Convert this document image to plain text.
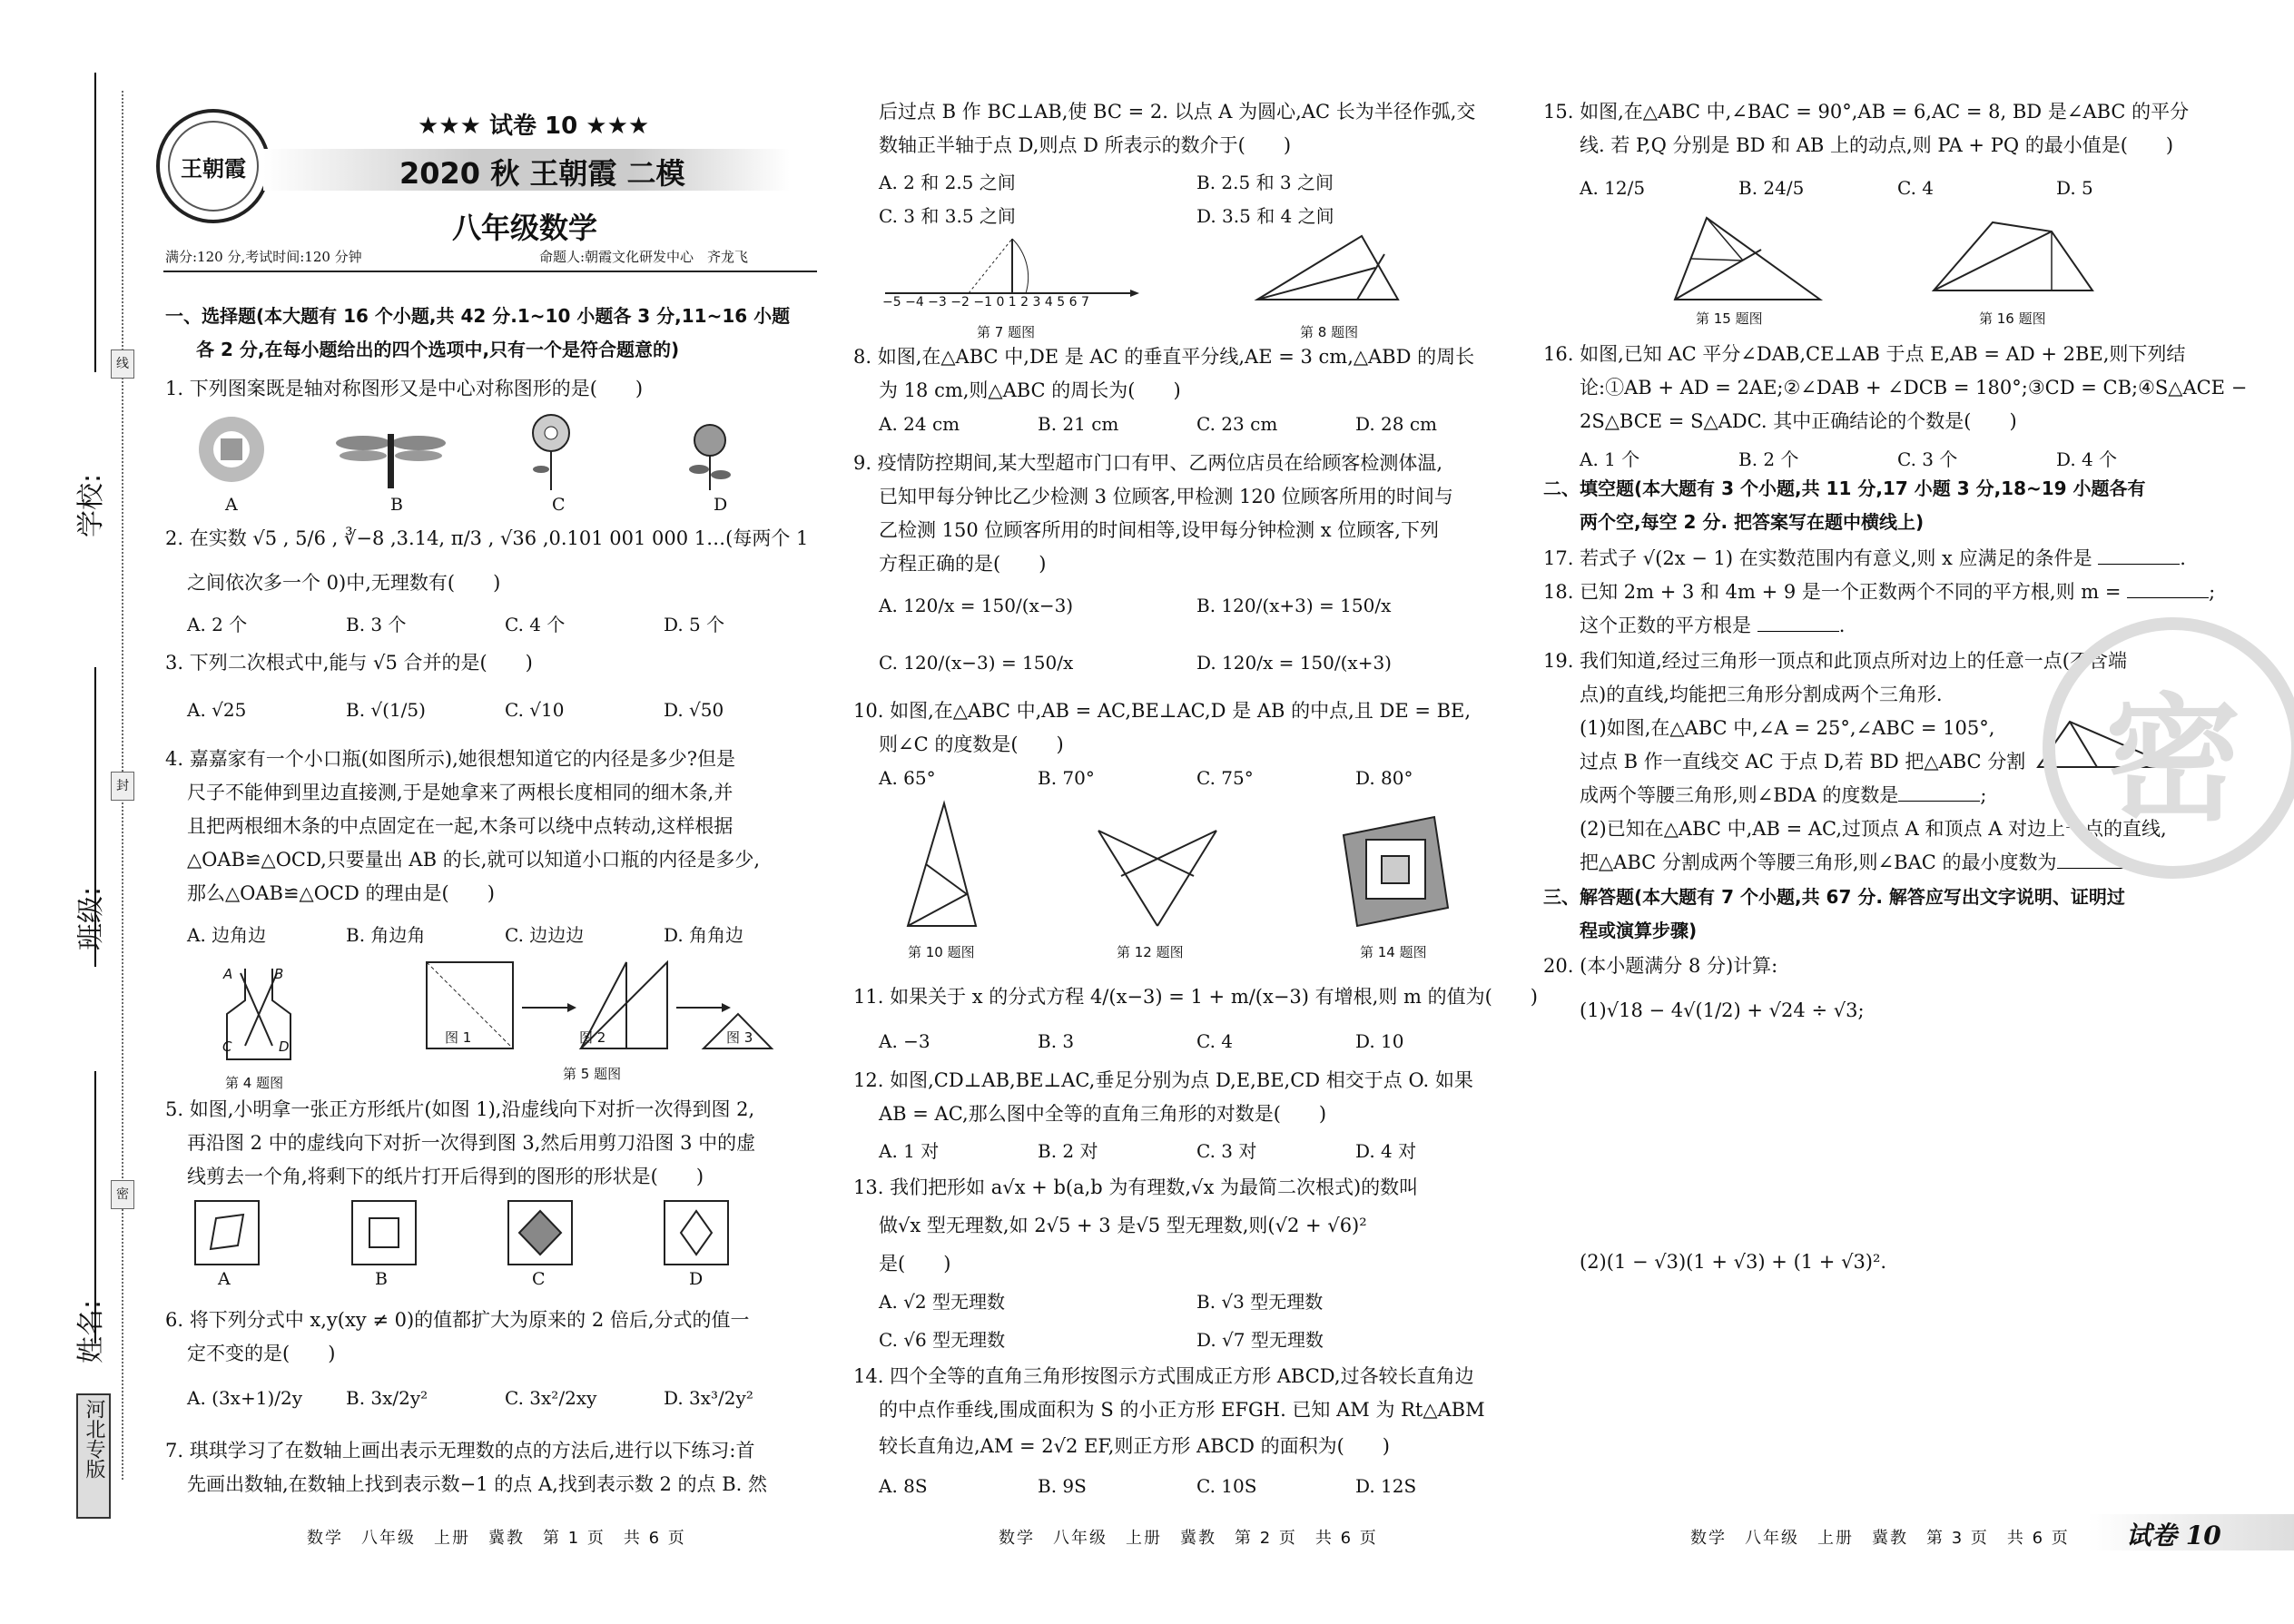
学校:
班级:
姓名:
线
封
密
河北专版
王朝霞
★★★ 试卷 10 ★★★
2020 秋 王朝霞 二模
八年级数学
满分:120 分,考试时间:120 分钟	命题人:朝霞文化研发中心　齐龙飞
一、选择题(本大题有 16 个小题,共 42 分.1~10 小题各 3 分,11~16 小题
各 2 分,在每小题给出的四个选项中,只有一个是符合题意的)
1. 下列图案既是轴对称图形又是中心对称图形的是(　　)
A	B	C	D
2. 在实数 √5 , 5/6 , ∛−8 ,3.14, π/3 , √36 ,0.101 001 000 1…(每两个 1
之间依次多一个 0)中,无理数有(　　)
A. 2 个	B. 3 个	C. 4 个	D. 5 个
3. 下列二次根式中,能与 √5 合并的是(　　)
A. √25	B. √(1/5)	C. √10	D. √50
4. 嘉嘉家有一个小口瓶(如图所示),她很想知道它的内径是多少?但是
尺子不能伸到里边直接测,于是她拿来了两根长度相同的细木条,并
且把两根细木条的中点固定在一起,木条可以绕中点转动,这样根据
△OAB≌△OCD,只要量出 AB 的长,就可以知道小口瓶的内径是多少,
那么△OAB≌△OCD 的理由是(　　)
A. 边角边	B. 角边角	C. 边边边	D. 角角边
A	B
C	D
第 4 题图
图 1	图 2	图 3
第 5 题图
5. 如图,小明拿一张正方形纸片(如图 1),沿虚线向下对折一次得到图 2,
再沿图 2 中的虚线向下对折一次得到图 3,然后用剪刀沿图 3 中的虚
线剪去一个角,将剩下的纸片打开后得到的图形的形状是(　　)
A	B	C	D
6. 将下列分式中 x,y(xy ≠ 0)的值都扩大为原来的 2 倍后,分式的值一
定不变的是(　　)
A. (3x+1)/2y	B. 3x/2y²	C. 3x²/2xy	D. 3x³/2y²
7. 琪琪学习了在数轴上画出表示无理数的点的方法后,进行以下练习:首
先画出数轴,在数轴上找到表示数−1 的点 A,找到表示数 2 的点 B. 然
数学　八年级　上册　冀教　第 1 页　共 6 页
后过点 B 作 BC⊥AB,使 BC = 2. 以点 A 为圆心,AC 长为半径作弧,交
数轴正半轴于点 D,则点 D 所表示的数介于(　　)
A. 2 和 2.5 之间	B. 2.5 和 3 之间
C. 3 和 3.5 之间	D. 3.5 和 4 之间
−5 −4 −3 −2 −1 0 1 2 3 4 5 6 7
第 7 题图	第 8 题图
8. 如图,在△ABC 中,DE 是 AC 的垂直平分线,AE = 3 cm,△ABD 的周长
为 18 cm,则△ABC 的周长为(　　)
A. 24 cm	B. 21 cm	C. 23 cm	D. 28 cm
9. 疫情防控期间,某大型超市门口有甲、乙两位店员在给顾客检测体温,
已知甲每分钟比乙少检测 3 位顾客,甲检测 120 位顾客所用的时间与
乙检测 150 位顾客所用的时间相等,设甲每分钟检测 x 位顾客,下列
方程正确的是(　　)
A. 120/x = 150/(x−3)	B. 120/(x+3) = 150/x
C. 120/(x−3) = 150/x	D. 120/x = 150/(x+3)
10. 如图,在△ABC 中,AB = AC,BE⊥AC,D 是 AB 的中点,且 DE = BE,
则∠C 的度数是(　　)
A. 65°	B. 70°	C. 75°	D. 80°
第 10 题图	第 12 题图	第 14 题图
11. 如果关于 x 的分式方程 4/(x−3) = 1 + m/(x−3) 有增根,则 m 的值为(　　)
A. −3	B. 3	C. 4	D. 10
12. 如图,CD⊥AB,BE⊥AC,垂足分别为点 D,E,BE,CD 相交于点 O. 如果
AB = AC,那么图中全等的直角三角形的对数是(　　)
A. 1 对	B. 2 对	C. 3 对	D. 4 对
13. 我们把形如 a√x + b(a,b 为有理数,√x 为最简二次根式)的数叫
做√x 型无理数,如 2√5 + 3 是√5 型无理数,则(√2 + √6)²
是(　　)
A. √2 型无理数	B. √3 型无理数
C. √6 型无理数	D. √7 型无理数
14. 四个全等的直角三角形按图示方式围成正方形 ABCD,过各较长直角边
的中点作垂线,围成面积为 S 的小正方形 EFGH. 已知 AM 为 Rt△ABM
较长直角边,AM = 2√2 EF,则正方形 ABCD 的面积为(　　)
A. 8S	B. 9S	C. 10S	D. 12S
数学　八年级　上册　冀教　第 2 页　共 6 页
15. 如图,在△ABC 中,∠BAC = 90°,AB = 6,AC = 8, BD 是∠ABC 的平分
线. 若 P,Q 分别是 BD 和 AB 上的动点,则 PA + PQ 的最小值是(　　)
A. 12/5	B. 24/5	C. 4	D. 5
第 15 题图	第 16 题图
16. 如图,已知 AC 平分∠DAB,CE⊥AB 于点 E,AB = AD + 2BE,则下列结
论:①AB + AD = 2AE;②∠DAB + ∠DCB = 180°;③CD = CB;④S△ACE −
2S△BCE = S△ADC. 其中正确结论的个数是(　　)
A. 1 个	B. 2 个	C. 3 个	D. 4 个
二、填空题(本大题有 3 个小题,共 11 分,17 小题 3 分,18~19 小题各有
两个空,每空 2 分. 把答案写在题中横线上)
17. 若式子 √(2x − 1) 在实数范围内有意义,则 x 应满足的条件是	.
18. 已知 2m + 3 和 4m + 9 是一个正数两个不同的平方根,则 m =	;
这个正数的平方根是	.
19. 我们知道,经过三角形一顶点和此顶点所对边上的任意一点(不含端
点)的直线,均能把三角形分割成两个三角形.
(1)如图,在△ABC 中,∠A = 25°,∠ABC = 105°,
过点 B 作一直线交 AC 于点 D,若 BD 把△ABC 分割
成两个等腰三角形,则∠BDA 的度数是	;
(2)已知在△ABC 中,AB = AC,过顶点 A 和顶点 A 对边上一点的直线,
把△ABC 分割成两个等腰三角形,则∠BAC 的最小度数为	.
三、解答题(本大题有 7 个小题,共 67 分. 解答应写出文字说明、证明过
程或演算步骤)
20. (本小题满分 8 分)计算:
(1)√18 − 4√(1/2) + √24 ÷ √3;
(2)(1 − √3)(1 + √3) + (1 + √3)².
密
数学　八年级　上册　冀教　第 3 页　共 6 页 试卷 10
